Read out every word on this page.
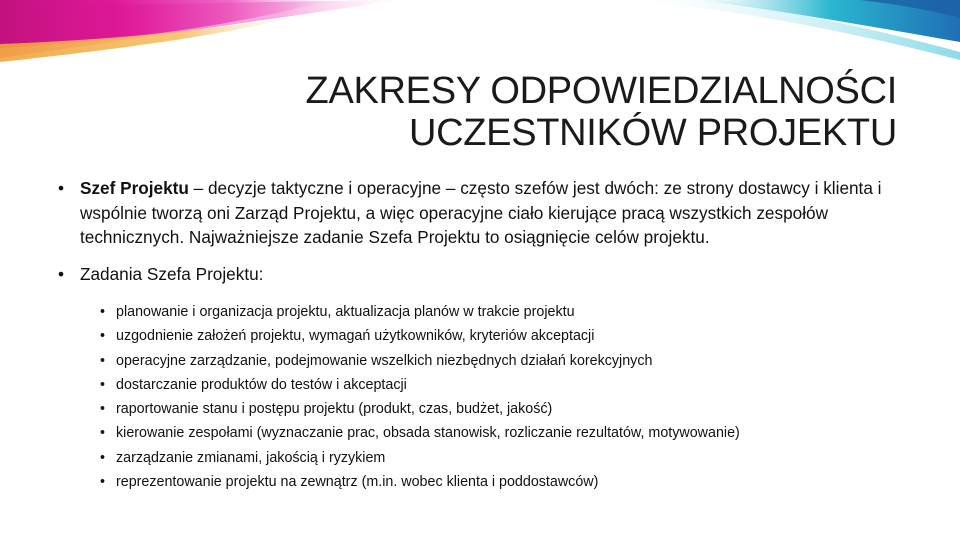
ZAKRESY ODPOWIEDZIALNOŚCI
UCZESTNIKÓW PROJEKTU

• Szef Projektu – decyzje taktyczne i operacyjne – często szefów jest dwóch: ze strony dostawcy i klienta i wspólnie tworzą oni Zarząd Projektu, a więc operacyjne ciało kierujące pracą wszystkich zespołów technicznych. Najważniejsze zadanie Szefa Projektu to osiągnięcie celów projektu.

• Zadania Szefa Projektu:

• planowanie i organizacja projektu, aktualizacja planów w trakcie projektu
• uzgodnienie założeń projektu, wymagań użytkowników, kryteriów akceptacji
• operacyjne zarządzanie, podejmowanie wszelkich niezbędnych działań korekcyjnych
• dostarczanie produktów do testów i akceptacji
• raportowanie stanu i postępu projektu (produkt, czas, budżet, jakość)
• kierowanie zespołami (wyznaczanie prac, obsada stanowisk, rozliczanie rezultatów, motywowanie)
• zarządzanie zmianami, jakością i ryzykiem
• reprezentowanie projektu na zewnątrz (m.in. wobec klienta i poddostawców)
